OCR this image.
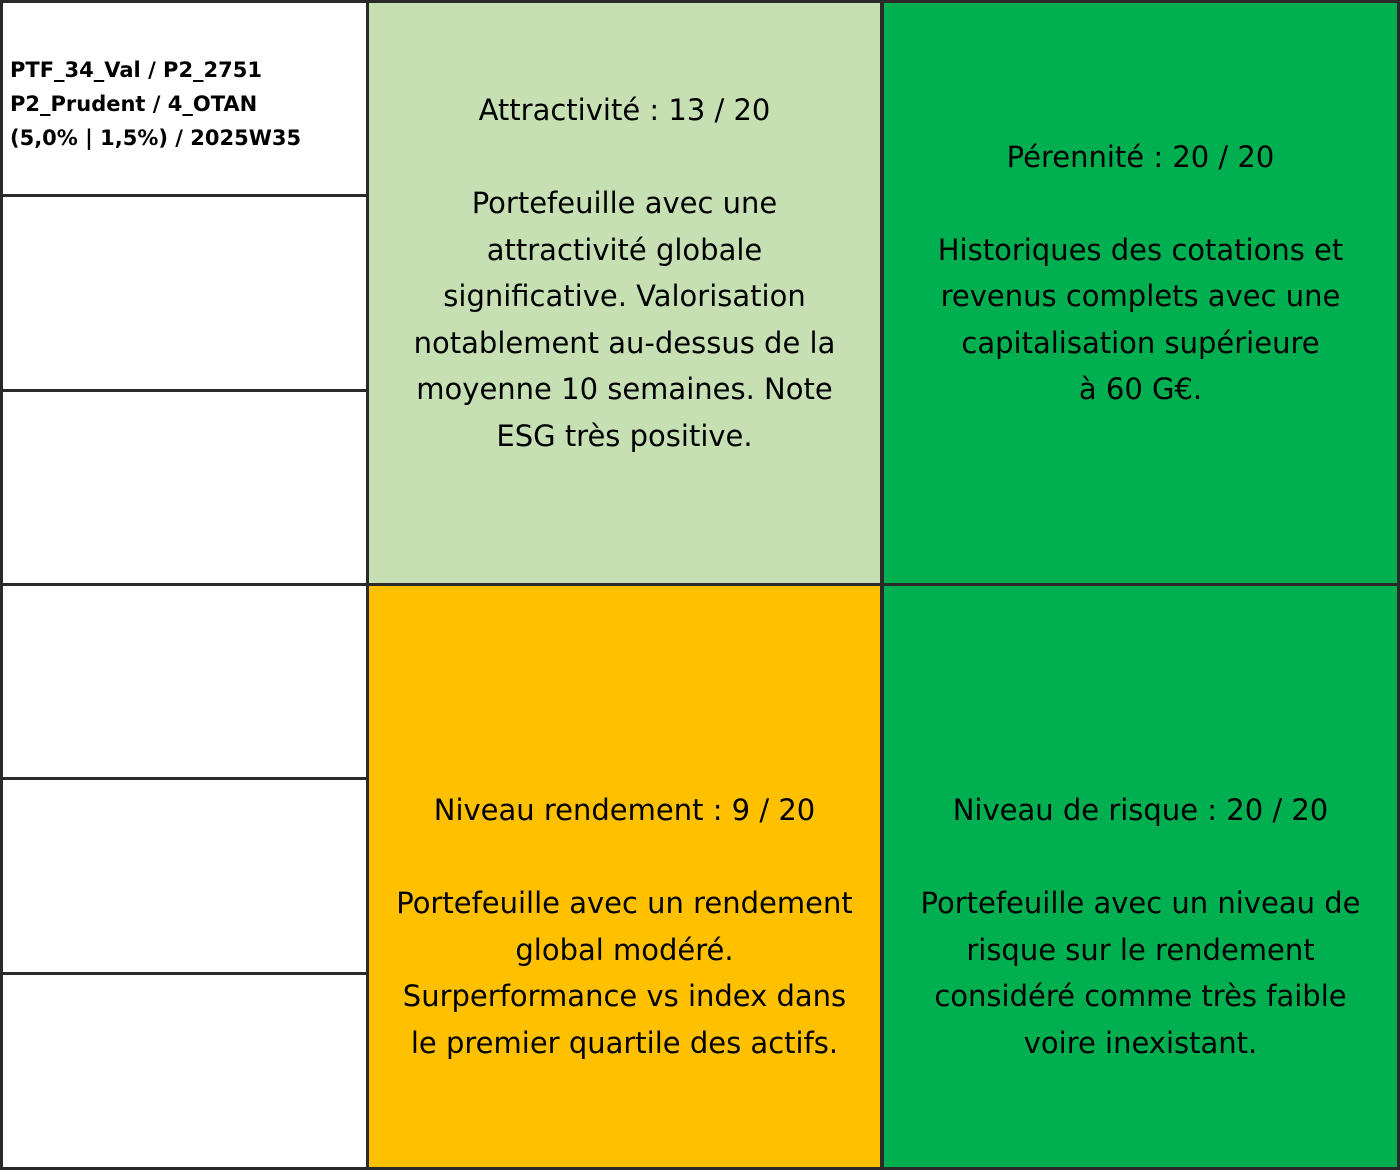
PTF_34_Val / P2_2751
P2_Prudent / 4_OTAN
(5,0% | 1,5%) / 2025W35
Attractivité : 13 / 20
Portefeuille avec une
attractivité globale
significative. Valorisation
notablement au-dessus de la
moyenne 10 semaines. Note
ESG très positive.
Pérennité : 20 / 20
Historiques des cotations et
revenus complets avec une
capitalisation supérieure
à 60 G€.
Niveau rendement : 9 / 20
Portefeuille avec un rendement
global modéré.
Surperformance vs index dans
le premier quartile des actifs.
Niveau de risque : 20 / 20
Portefeuille avec un niveau de
risque sur le rendement
considéré comme très faible
voire inexistant.
